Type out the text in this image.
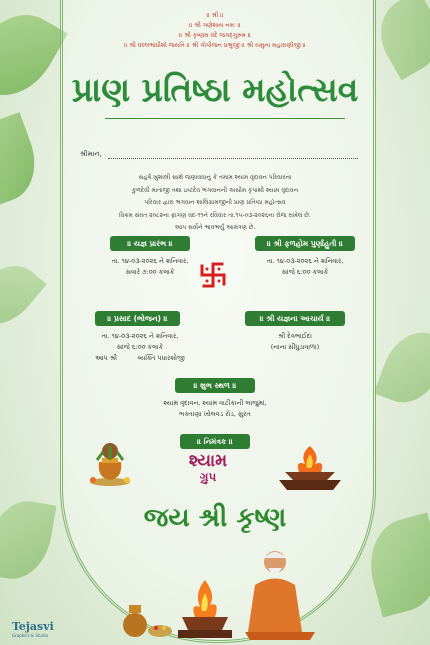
॥ શ્રી ॥
॥ શ્રી ગણેશાય નમઃ ॥
॥ શ્રી કૃષ્ણમ વંદે જગદ્ગુરુમ ॥
॥ શ્રી વલ્લભાધીશો જયતિ ॥ શ્રી ગોપીજન પ્રભુજી ॥ શ્રી યમુના મહારાણીજી ॥
પ્રાણ પ્રતિષ્ઠા મહોત્સવ
શ્રીમાન,
સહર્ષ ખુશાલી સાથે જણાવવાનું કે તમામ શ્યામ વૃંદાવન પરિવારના
કુળદેવી માતાજી તથા ઇષ્ટદેવ ભગવાનની અસીમ કૃપાથી શ્યામ વૃંદાવન
પરિવાર દ્વારા ભગવાન શાલિગ્રામજીની પ્રાણ પ્રતિષ્ઠા મહોત્સવ
વિક્રમ સંવત ૨૦૮૨ના ફાગણ વદ-૧૧ને રવિવાર તા.૧૫-૦૩-૨૦૨૬ના રોજ રાખેલ છે.
આપ સર્વોને ભાવભર્યું આમંત્રણ છે.
॥ યજ્ઞ પ્રારંભ ॥
તા. ૧૪-૦૩-૨૦૨૬ ને શનિવાર,
સવારે ૭:૦૦ કલાકે
॥ શ્રી ફળહોમ પુર્ણાહુતી ॥
તા. ૧૪-૦૩-૨૦૨૬ ને શનિવાર,
સાંજે ૬:૦૦ કલાકે
॥ પ્રસાદ (ભોજન) ॥
તા. ૧૪-૦૩-૨૦૨૬ ને શનિવાર,
સાંજે ૬:૦૦ કલાકે
આપ શ્રી          વ્યક્તિ પધારશોજી
॥ શ્રી યજ્ઞના આચાર્ય ॥
શ્રી દેવભાઈદા
(નાના સીંધુડાવાળા)
॥ શુભ સ્થળ ॥
શ્યામ વૃંદાવન, શ્યામ વાટીકાની બાજુમાં,
ભક્તાણા ખોલવડ રોડ, સુરત
॥ નિમંત્રક ॥
શ્યામ
ગ્રુપ
જય શ્રી કૃષ્ણ
Tejasvi
Graphics & Studio
